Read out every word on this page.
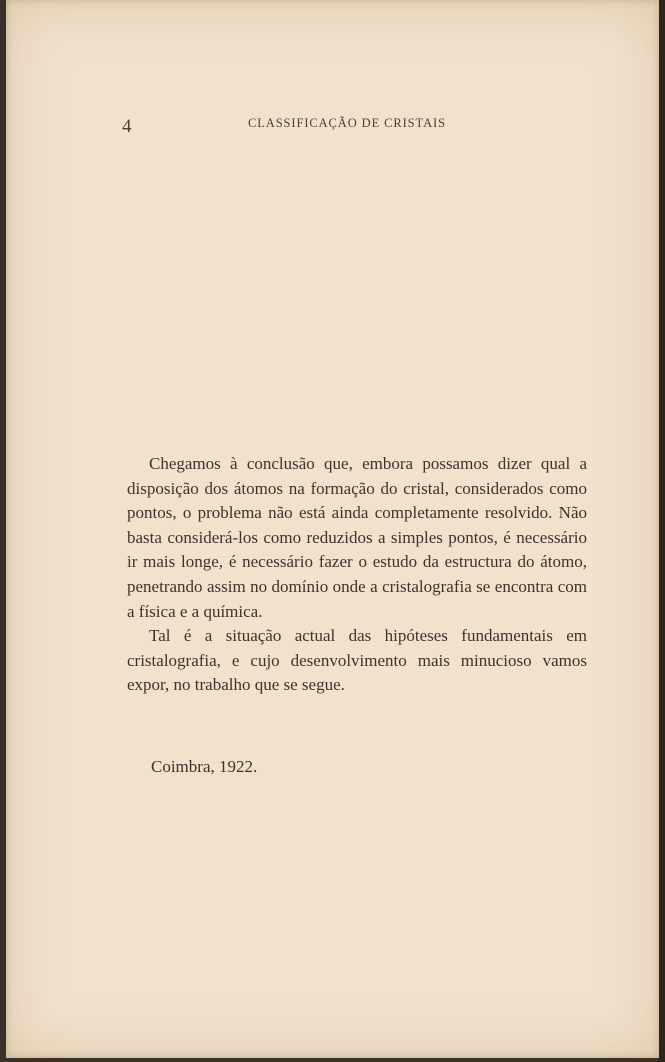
4	CLASSIFICAÇÃO DE CRISTAIS

Chegamos à conclusão que, embora possamos dizer qual a disposição dos átomos na formação do cristal, considerados como pontos, o problema não está ainda completamente resolvido. Não basta considerá-los como reduzidos a simples pontos, é necessário ir mais longe, é necessário fazer o estudo da estructura do átomo, penetrando assim no domínio onde a cristalografia se encontra com a física e a química.

Tal é a situação actual das hipóteses fundamentais em cristalografia, e cujo desenvolvimento mais minucioso vamos expor, no trabalho que se segue.

Coimbra, 1922.
